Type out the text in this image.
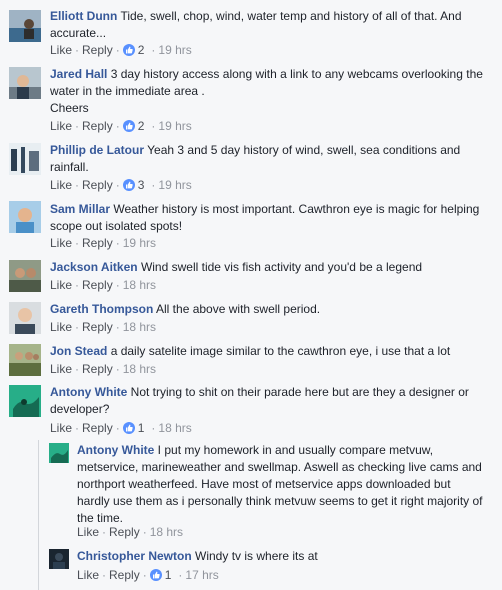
Elliott Dunn Tide, swell, chop, wind, water temp and history of all of that. And accurate...
Like · Reply · 2 · 19 hrs
Jared Hall 3 day history access along with a link to any webcams overlooking the water in the immediate area .
Cheers
Like · Reply · 2 · 19 hrs
Phillip de Latour Yeah 3 and 5 day history of wind, swell, sea conditions and rainfall.
Like · Reply · 3 · 19 hrs
Sam Millar Weather history is most important. Cawthron eye is magic for helping scope out isolated spots!
Like · Reply · 19 hrs
Jackson Aitken Wind swell tide vis fish activity and you'd be a legend
Like · Reply · 18 hrs
Gareth Thompson All the above with swell period.
Like · Reply · 18 hrs
Jon Stead a daily satelite image similar to the cawthron eye, i use that a lot
Like · Reply · 18 hrs
Antony White Not trying to shit on their parade here but are they a designer or developer?
Like · Reply · 1 · 18 hrs
Antony White I put my homework in and usually compare metvuw, metservice, marineweather and swellmap. Aswell as checking live cams and northport weatherfeed. Have most of metservice apps downloaded but hardly use them as i personally think metvuw seems to get it right majority of the time.
Like · Reply · 18 hrs
Christopher Newton Windy tv is where its at
Like · Reply · 1 · 17 hrs
